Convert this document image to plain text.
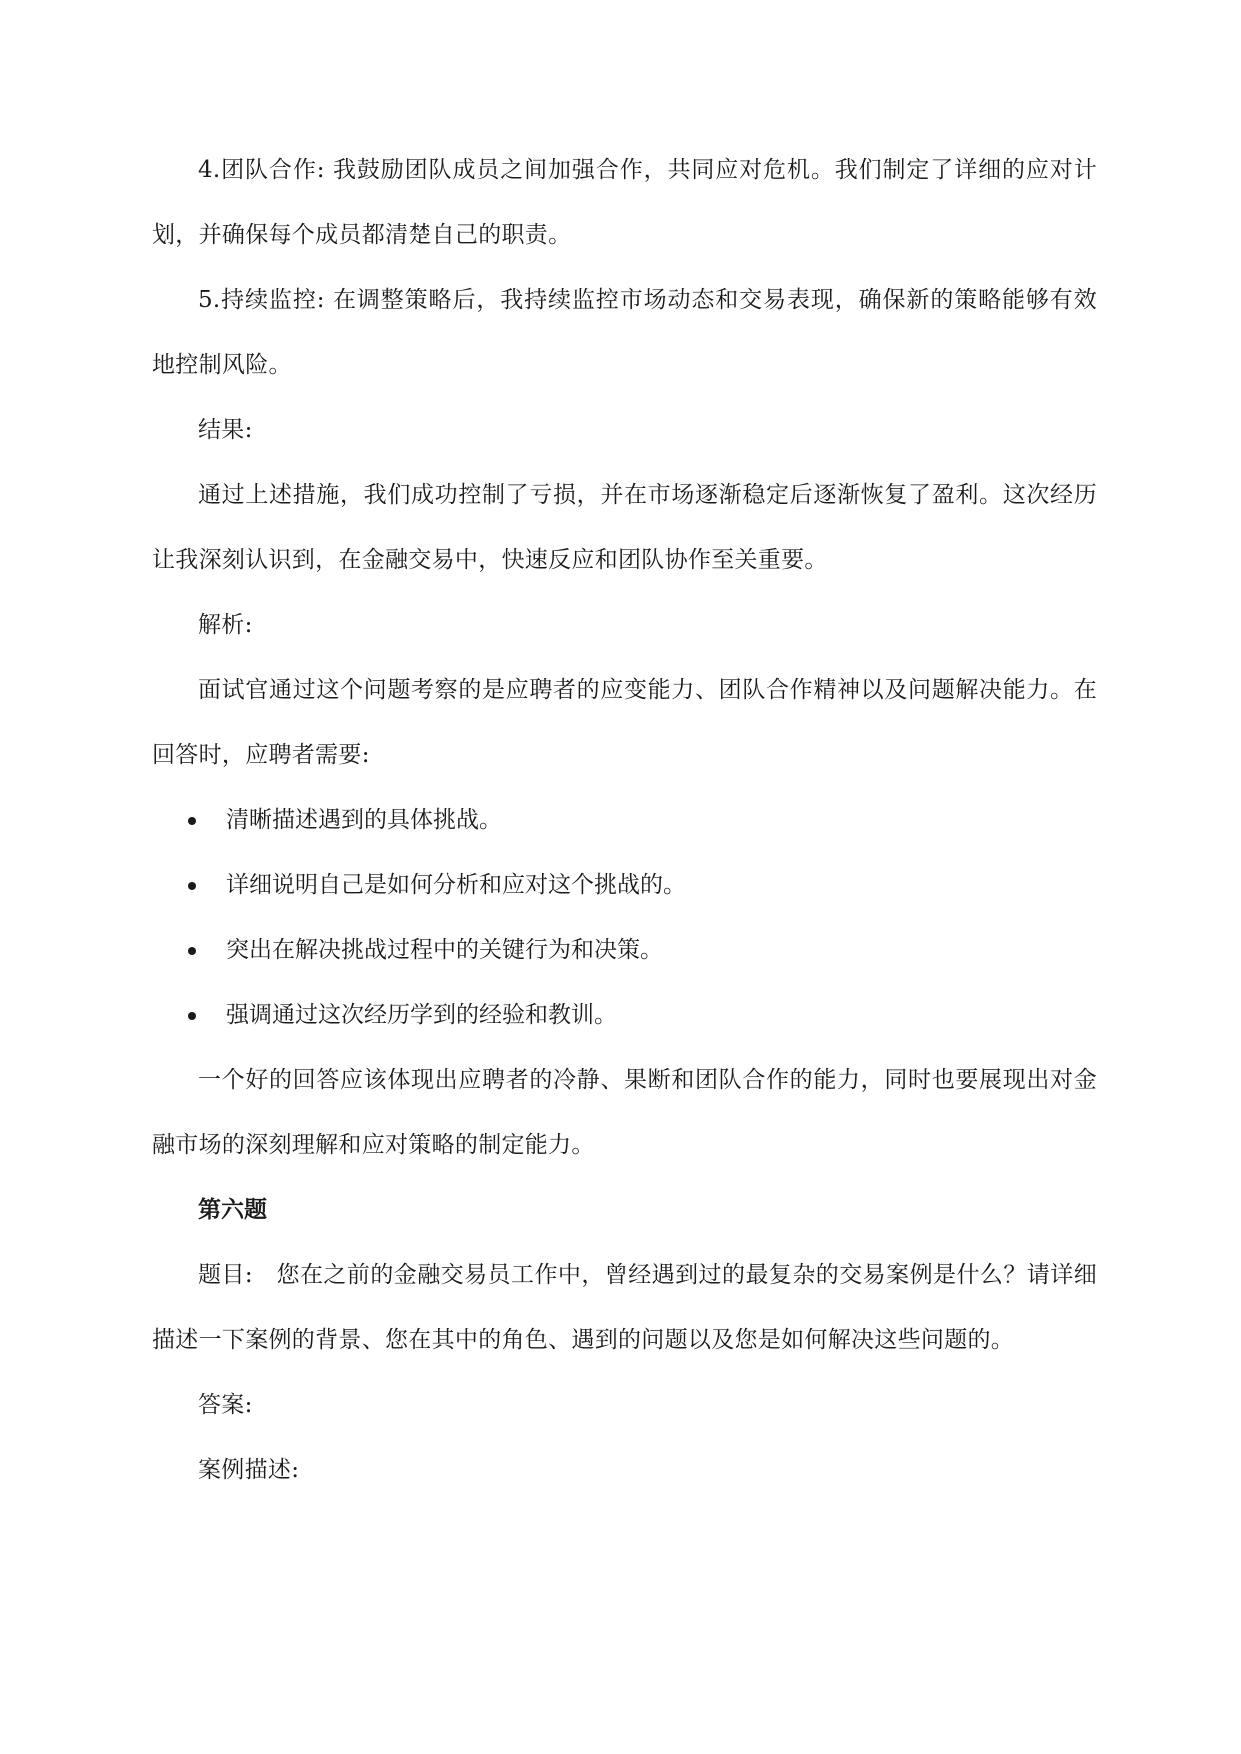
4.团队合作: 我鼓励团队成员之间加强合作，共同应对危机。我们制定了详细的应对计划，并确保每个成员都清楚自己的职责。

5.持续监控: 在调整策略后，我持续监控市场动态和交易表现，确保新的策略能够有效地控制风险。

结果:

通过上述措施，我们成功控制了亏损，并在市场逐渐稳定后逐渐恢复了盈利。这次经历让我深刻认识到，在金融交易中，快速反应和团队协作至关重要。

解析:

面试官通过这个问题考察的是应聘者的应变能力、团队合作精神以及问题解决能力。在回答时，应聘者需要:

清晰描述遇到的具体挑战。
详细说明自己是如何分析和应对这个挑战的。
突出在解决挑战过程中的关键行为和决策。
强调通过这次经历学到的经验和教训。

一个好的回答应该体现出应聘者的冷静、果断和团队合作的能力，同时也要展现出对金融市场的深刻理解和应对策略的制定能力。

第六题

题目:　您在之前的金融交易员工作中，曾经遇到过的最复杂的交易案例是什么？请详细描述一下案例的背景、您在其中的角色、遇到的问题以及您是如何解决这些问题的。

答案:

案例描述:
